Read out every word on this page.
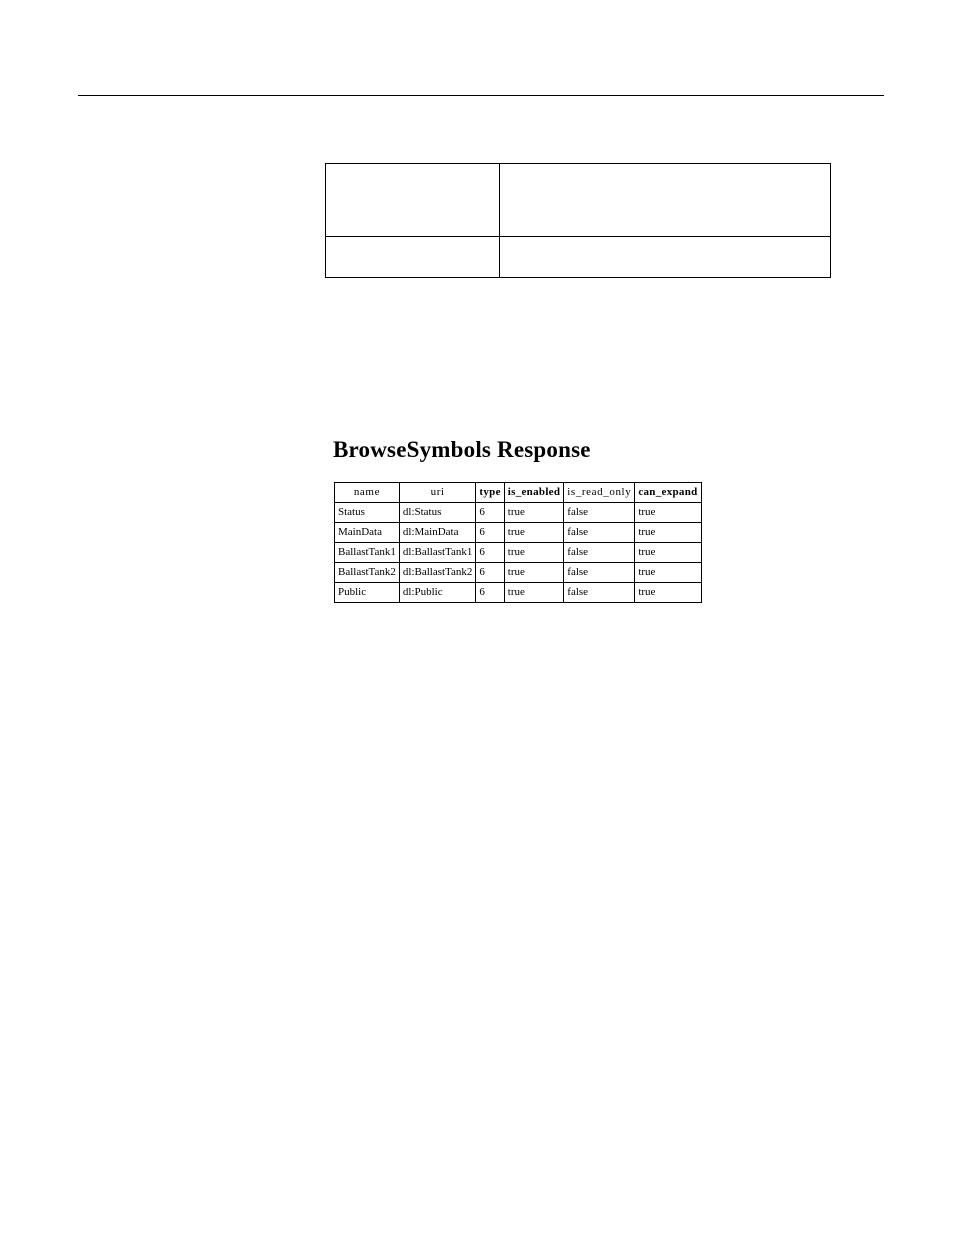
BrowseSymbols Response
name	uri	type	is_enabled	is_read_only	can_expand
Status	dl:Status	6	true	false	true
MainData	dl:MainData	6	true	false	true
BallastTank1	dl:BallastTank1	6	true	false	true
BallastTank2	dl:BallastTank2	6	true	false	true
Public	dl:Public	6	true	false	true
